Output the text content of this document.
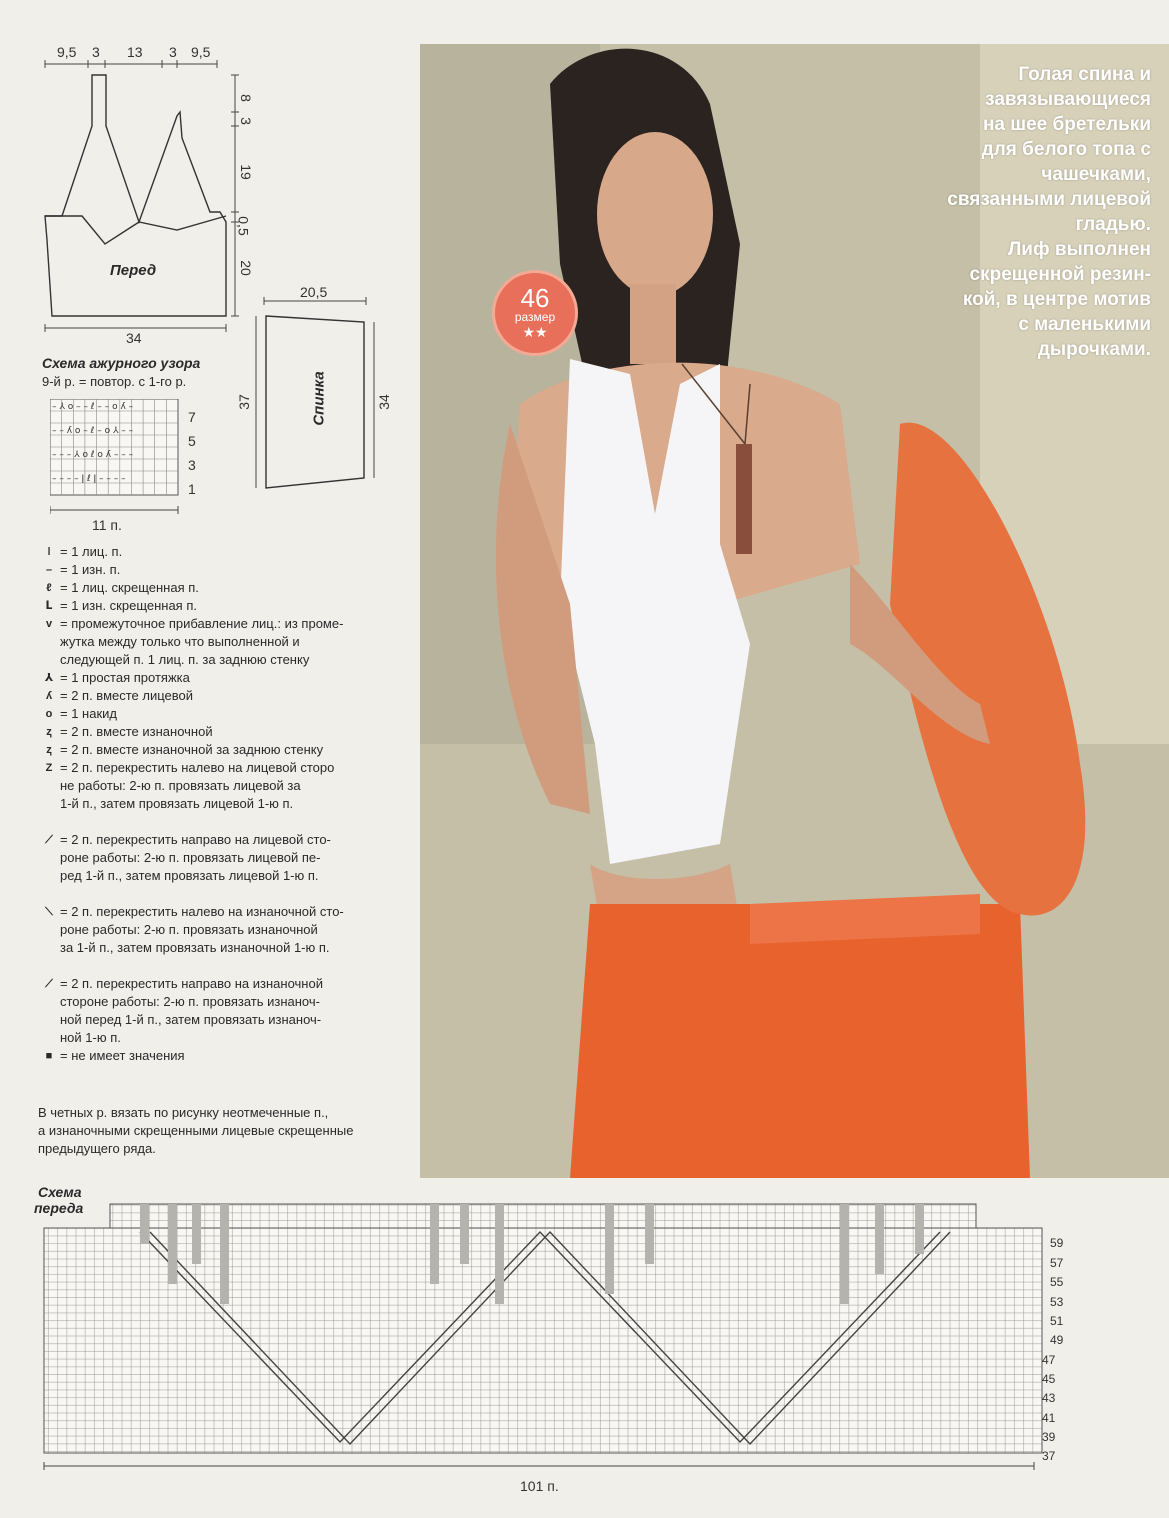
9,5 3 13 3 9,5
8
3
19
0,5
20
Перед
34
20,5
37	34
Спинка
Схема ажурного узора
9-й р. = повтор. с 1-го р.
– ⅄ o – – ℓ – – o ʎ –
– – ʎ o – ℓ – o ⅄ – –
– – – ⅄ o ℓ o ʎ – – –
– – – – ǀ ℓ ǀ – – – –
7
5
3
1
11 п.
ǀ = 1 лиц. п.
– = 1 изн. п.
ℓ = 1 лиц. скрещенная п.
ᒪ = 1 изн. скрещенная п.
v = промежуточное прибавление лиц.: из проме-
жутка между только что выполненной и
следующей п. 1 лиц. п. за заднюю стенку
⅄ = 1 простая протяжка
ʎ = 2 п. вместе лицевой
o = 1 накид
ⱬ = 2 п. вместе изнаночной
ⱬ = 2 п. вместе изнаночной за заднюю стенку
Z = 2 п. перекрестить налево на лицевой сторо
не работы: 2-ю п. провязать лицевой за
1-й п., затем провязать лицевой 1-ю п.
⟋ = 2 п. перекрестить направо на лицевой сто-
роне работы: 2-ю п. провязать лицевой пе-
ред 1-й п., затем провязать лицевой 1-ю п.
⟍ = 2 п. перекрестить налево на изнаночной сто-
роне работы: 2-ю п. провязать изнаночной
за 1-й п., затем провязать изнаночной 1-ю п.
⟋ = 2 п. перекрестить направо на изнаночной
стороне работы: 2-ю п. провязать изнаноч-
ной перед 1-й п., затем провязать изнаноч-
ной 1-ю п.
■ = не имеет значения
В четных р. вязать по рисунку неотмеченные п.,
а изнаночными скрещенными лицевые скрещенные
предыдущего ряда.
Голая спина и
завязывающиеся
на шее бретельки
для белого топа с
чашечками,
связанными лицевой
гладью.
Лиф выполнен
скрещенной резин-
кой, в центре мотив
с маленькими
дырочками.
46
размер
★★
Схема
переда
59
57
55
53
51
49
47
45
43
41
39
37
101 п.
